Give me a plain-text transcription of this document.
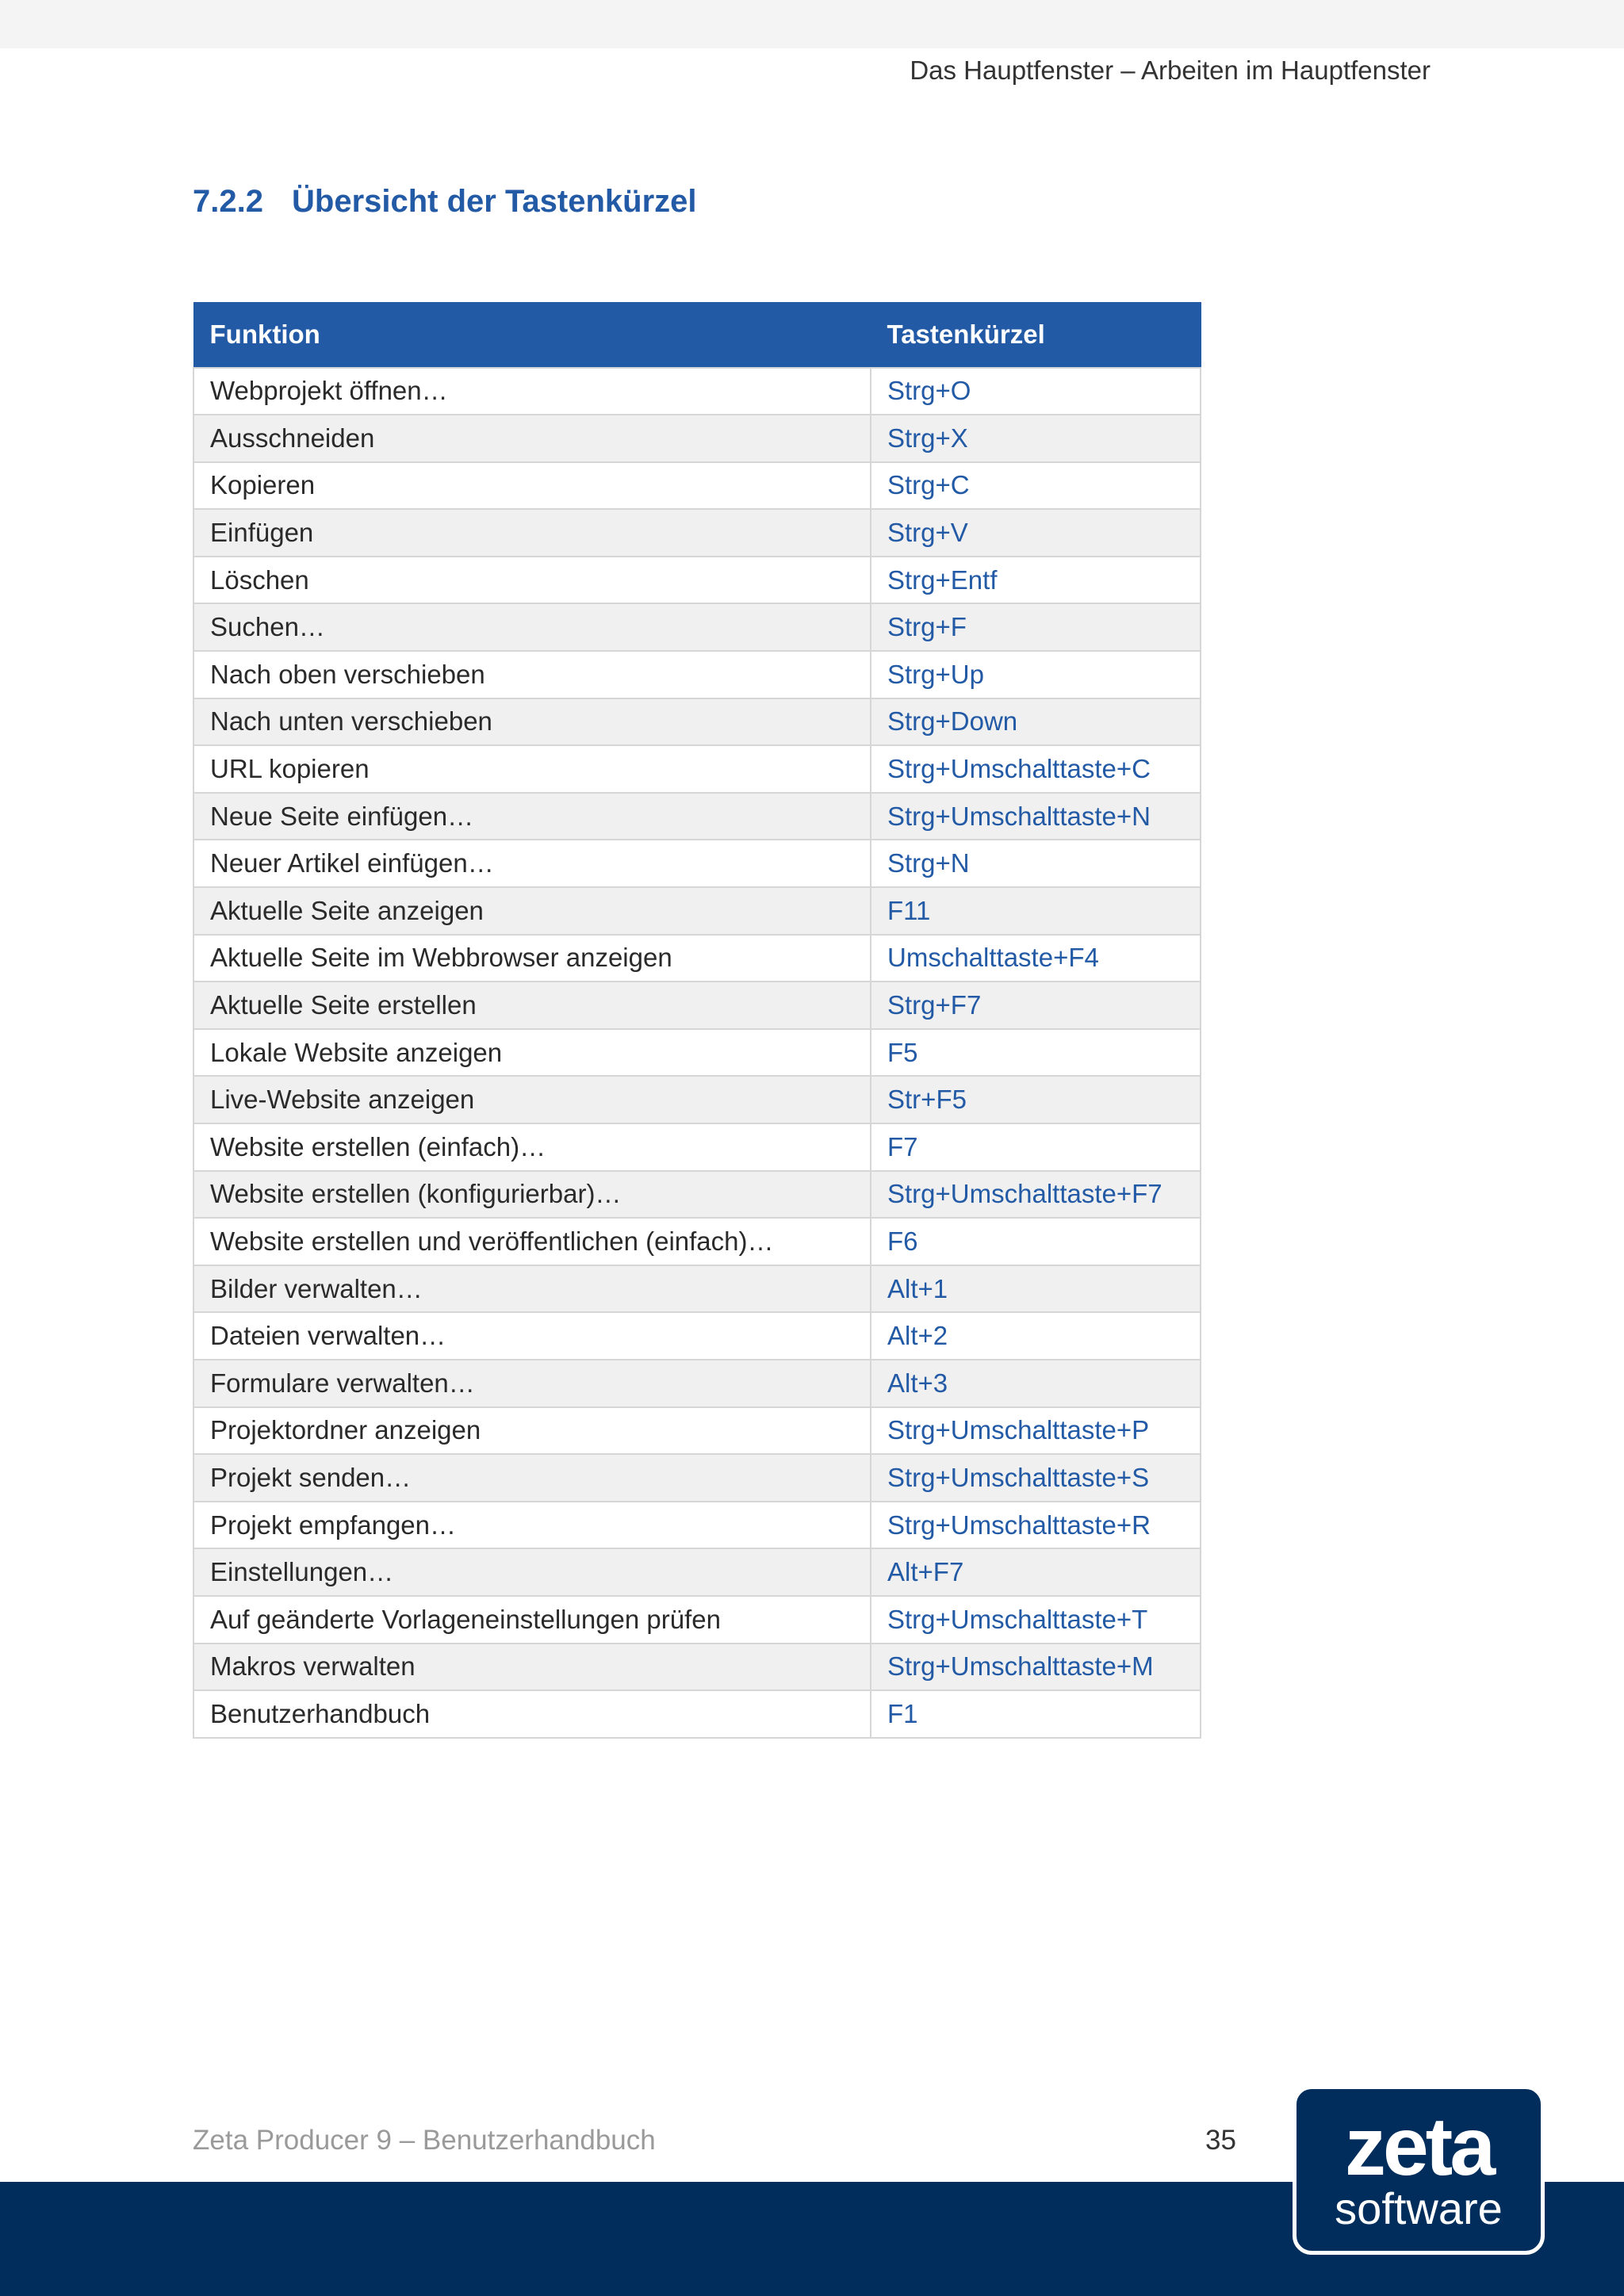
Das Hauptfenster – Arbeiten im Hauptfenster
7.2.2 Übersicht der Tastenkürzel
Funktion	Tastenkürzel
Webprojekt öffnen…	Strg+O
Ausschneiden	Strg+X
Kopieren	Strg+C
Einfügen	Strg+V
Löschen	Strg+Entf
Suchen…	Strg+F
Nach oben verschieben	Strg+Up
Nach unten verschieben	Strg+Down
URL kopieren	Strg+Umschalttaste+C
Neue Seite einfügen…	Strg+Umschalttaste+N
Neuer Artikel einfügen…	Strg+N
Aktuelle Seite anzeigen	F11
Aktuelle Seite im Webbrowser anzeigen	Umschalttaste+F4
Aktuelle Seite erstellen	Strg+F7
Lokale Website anzeigen	F5
Live-Website anzeigen	Str+F5
Website erstellen (einfach)…	F7
Website erstellen (konfigurierbar)…	Strg+Umschalttaste+F7
Website erstellen und veröffentlichen (einfach)…	F6
Bilder verwalten…	Alt+1
Dateien verwalten…	Alt+2
Formulare verwalten…	Alt+3
Projektordner anzeigen	Strg+Umschalttaste+P
Projekt senden…	Strg+Umschalttaste+S
Projekt empfangen…	Strg+Umschalttaste+R
Einstellungen…	Alt+F7
Auf geänderte Vorlageneinstellungen prüfen	Strg+Umschalttaste+T
Makros verwalten	Strg+Umschalttaste+M
Benutzerhandbuch	F1
Zeta Producer 9 – Benutzerhandbuch	35 zeta
software
